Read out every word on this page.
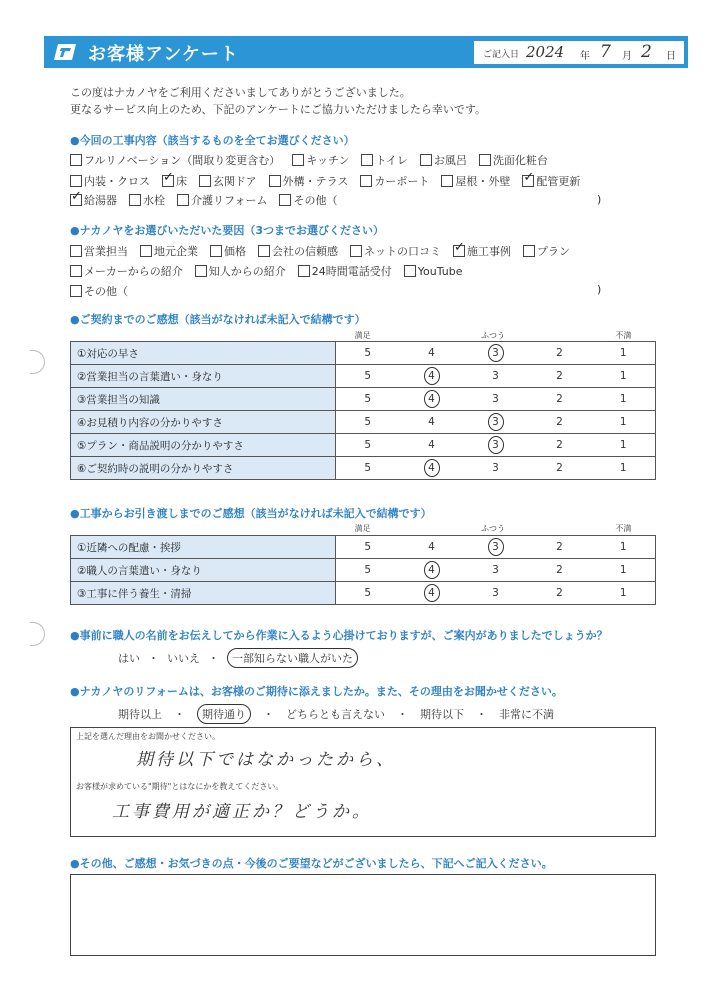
お客様アンケート	ご記入日 2024 年 7 月 2 日
この度はナカノヤをご利用くださいましてありがとうございました。
更なるサービス向上のため、下記のアンケートにご協力いただけましたら幸いです。
●今回の工事内容（該当するものを全てお選びください）
フルリノベーション（間取り変更含む） キッチン トイレ お風呂 洗面化粧台
内装・クロス ✓ 床 玄関ドア 外構・テラス カーポート 屋根・外壁 ✓ 配管更新
✓
給湯器 水栓 介護リフォーム その他（
●ナカノヤをお選びいただいた要因（3つまでお選びください）
営業担当 地元企業 価格 会社の信頼感 ネットの口コミ ✓ 施工事例 プラン
メーカーからの紹介 知人からの紹介 24時間電話受付 YouTube
その他（
●ご契約までのご感想（該当がなければ未記入で結構です）
満足	ふつう	不満
①対応の早さ	5	4	3	2	1
②営業担当の言葉遣い・身なり	5	4	3	2	1
③営業担当の知識	5	4	3	2	1
④お見積り内容の分かりやすさ	5	4	3	2	1
⑤プラン・商品説明の分かりやすさ	5	4	3	2	1
⑥ご契約時の説明の分かりやすさ	5	4	3	2	1
●工事からお引き渡しまでのご感想（該当がなければ未記入で結構です）
満足	ふつう	不満
①近隣への配慮・挨拶	5	4	3	2	1
②職人の言葉遣い・身なり	5	4	3	2	1
③工事に伴う養生・清掃	5	4	3	2	1
●事前に職人の名前をお伝えしてから作業に入るよう心掛けておりますが、ご案内がありましたでしょうか？
はい ・ いいえ ・	一部知らない職人がいた
●ナカノヤのリフォームは、お客様のご期待に添えましたか。また、その理由をお聞かせください。
期待以上 ・	期待通り	・ どちらとも言えない ・ 期待以下 ・ 非常に不満
上記を選んだ理由をお聞かせください。
期待以下ではなかったから、
お客様が求めている"期待"とはなにかを教えてください。
工事費用が適正か？どうか。
●その他、ご感想・お気づきの点・今後のご要望などがございましたら、下記へご記入ください。
)
)
